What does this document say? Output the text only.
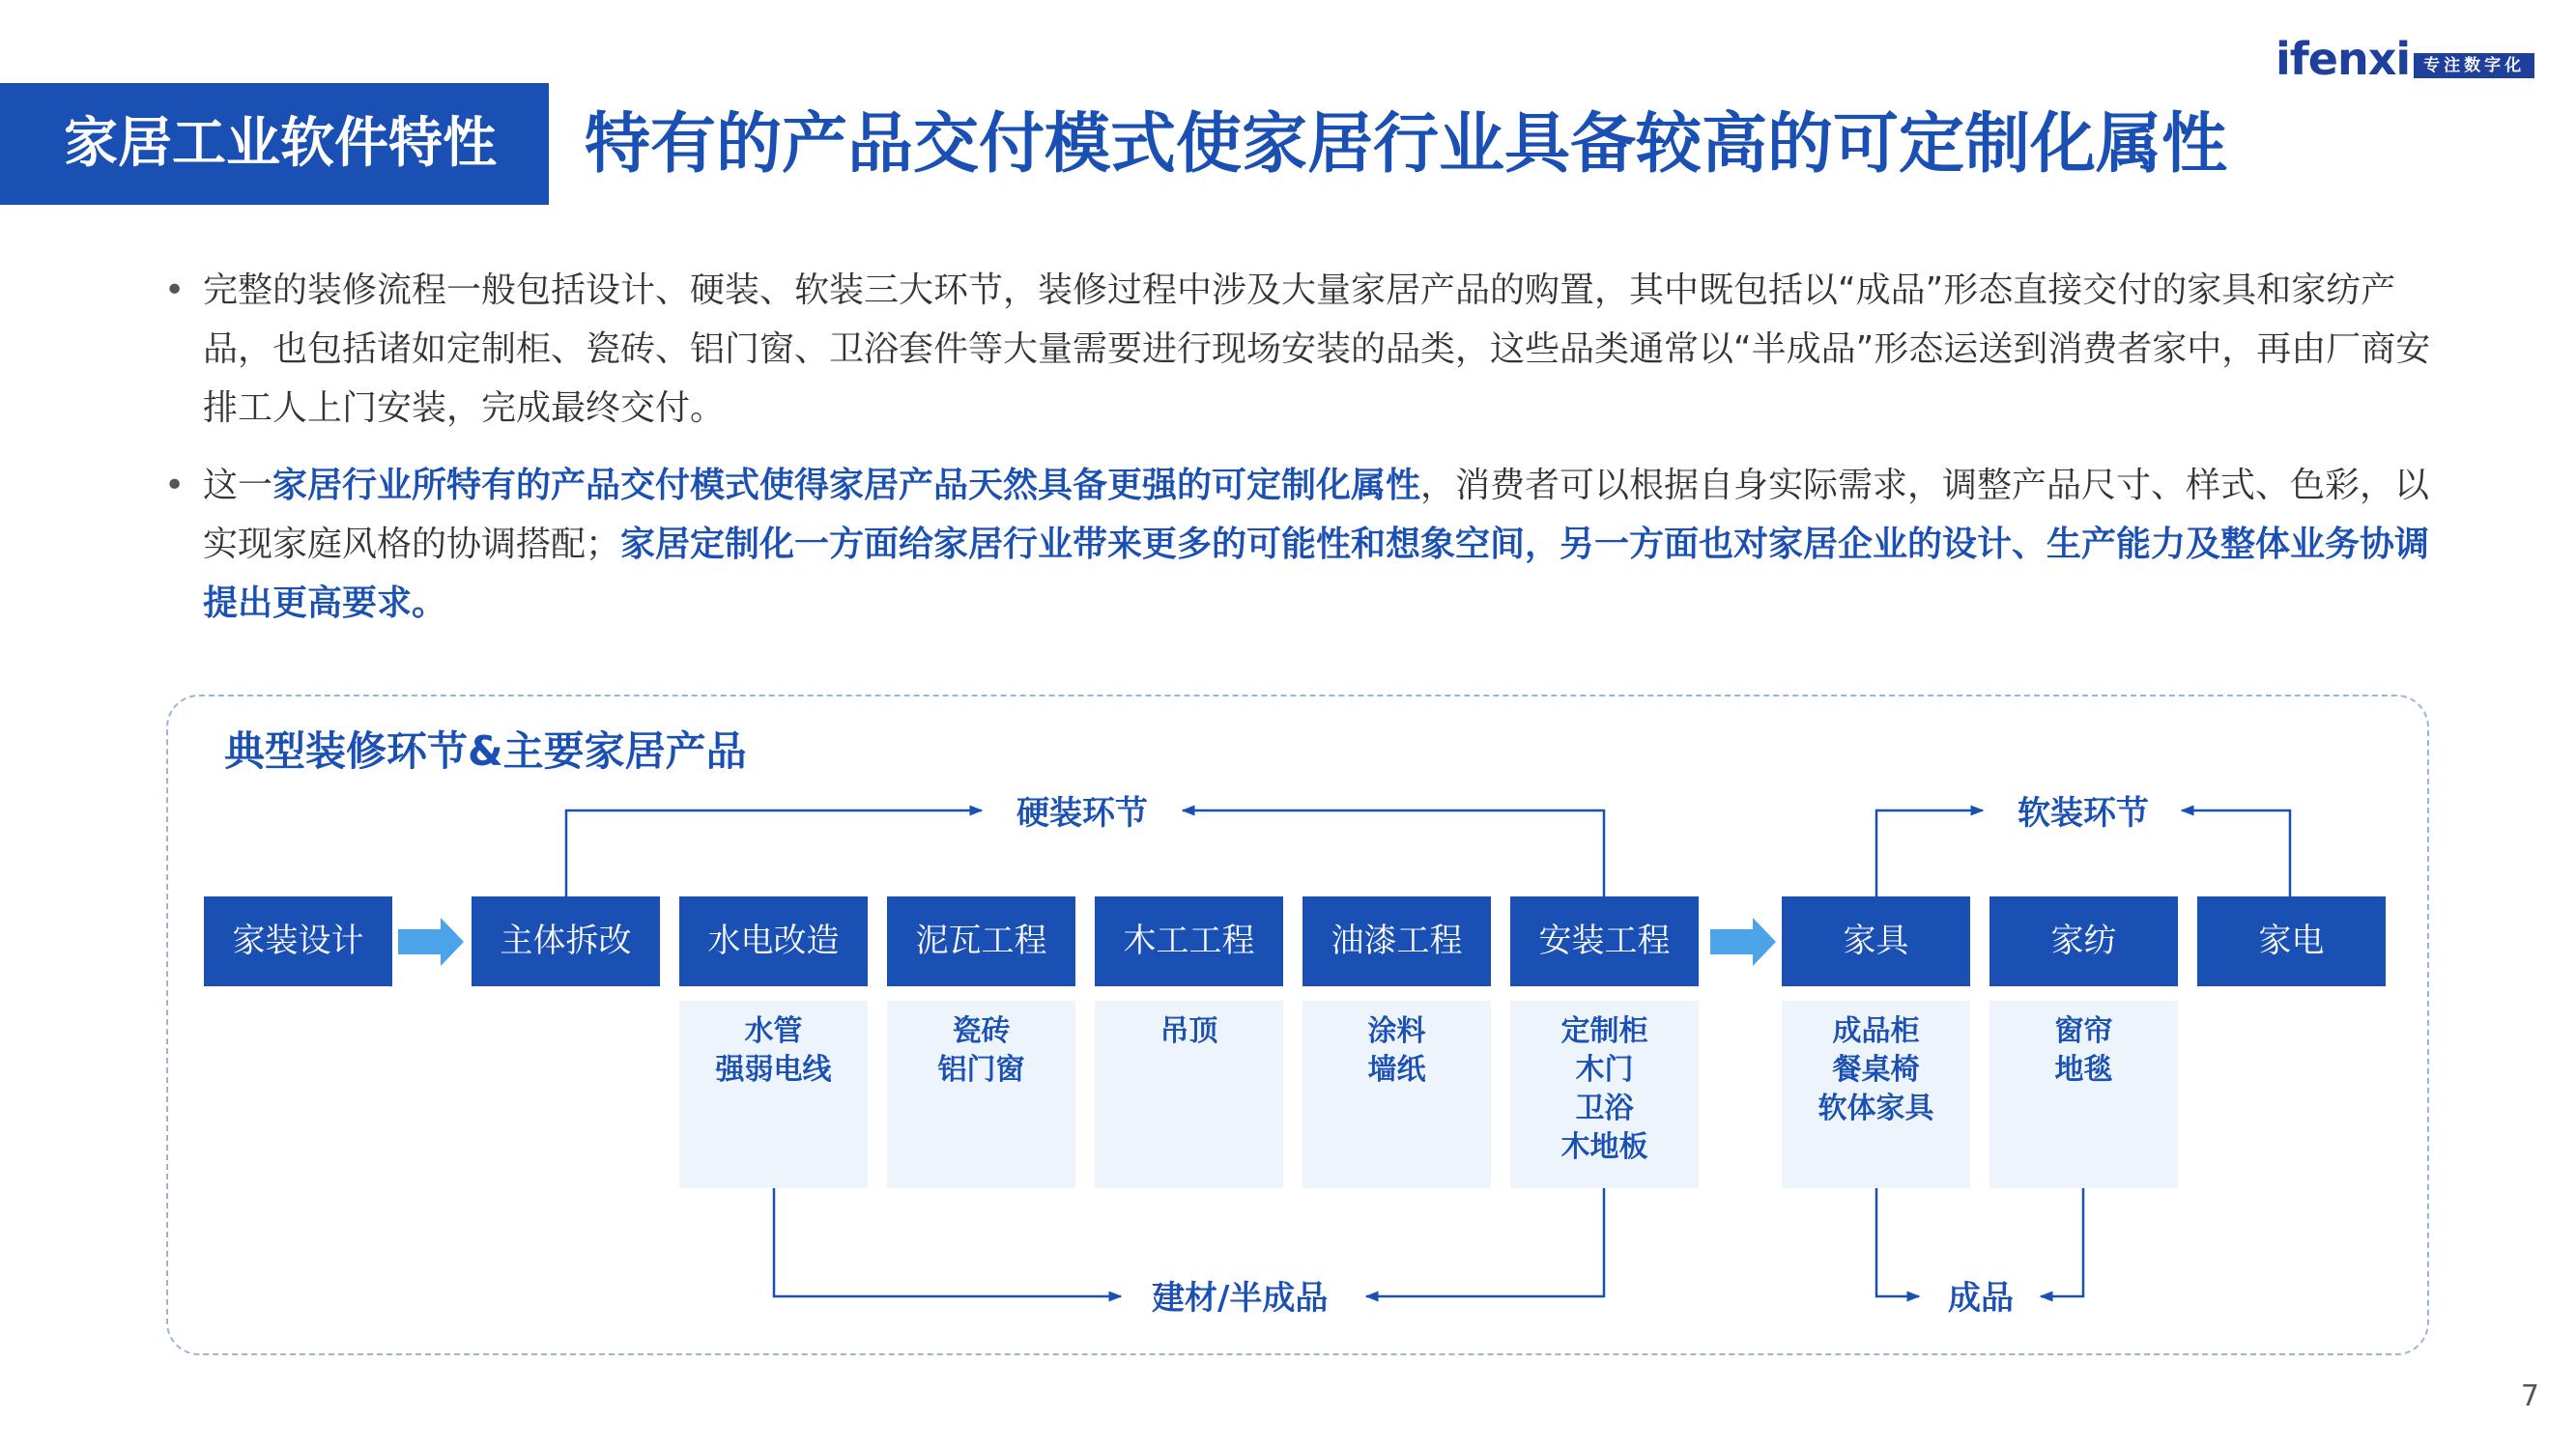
ifenxi 专注数字化
家居工业软件特性	特有的产品交付模式使家居行业具备较高的可定制化属性
• 完整的装修流程一般包括设计、硬装、软装三大环节，装修过程中涉及大量家居产品的购置，其中既包括以“成品”形态直接交付的家具和家纺产品，也包括诸如定制柜、瓷砖、铝门窗、卫浴套件等大量需要进行现场安装的品类，这些品类通常以“半成品”形态运送到消费者家中，再由厂商安排工人上门安装，完成最终交付。
• 这一家居行业所特有的产品交付模式使得家居产品天然具备更强的可定制化属性，消费者可以根据自身实际需求，调整产品尺寸、样式、色彩，以实现家庭风格的协调搭配；家居定制化一方面给家居行业带来更多的可能性和想象空间，另一方面也对家居企业的设计、生产能力及整体业务协调提出更高要求。
典型装修环节&主要家居产品
硬装环节	软装环节
建材/半成品	成品
家装设计	主体拆改	水电改造	泥瓦工程	木工工程	油漆工程	安装工程	家具	家纺	家电
水管
强弱电线
瓷砖
铝门窗
吊顶	涂料
墙纸
定制柜
木门
卫浴
木地板
成品柜
餐桌椅
软体家具
窗帘
地毯
7
